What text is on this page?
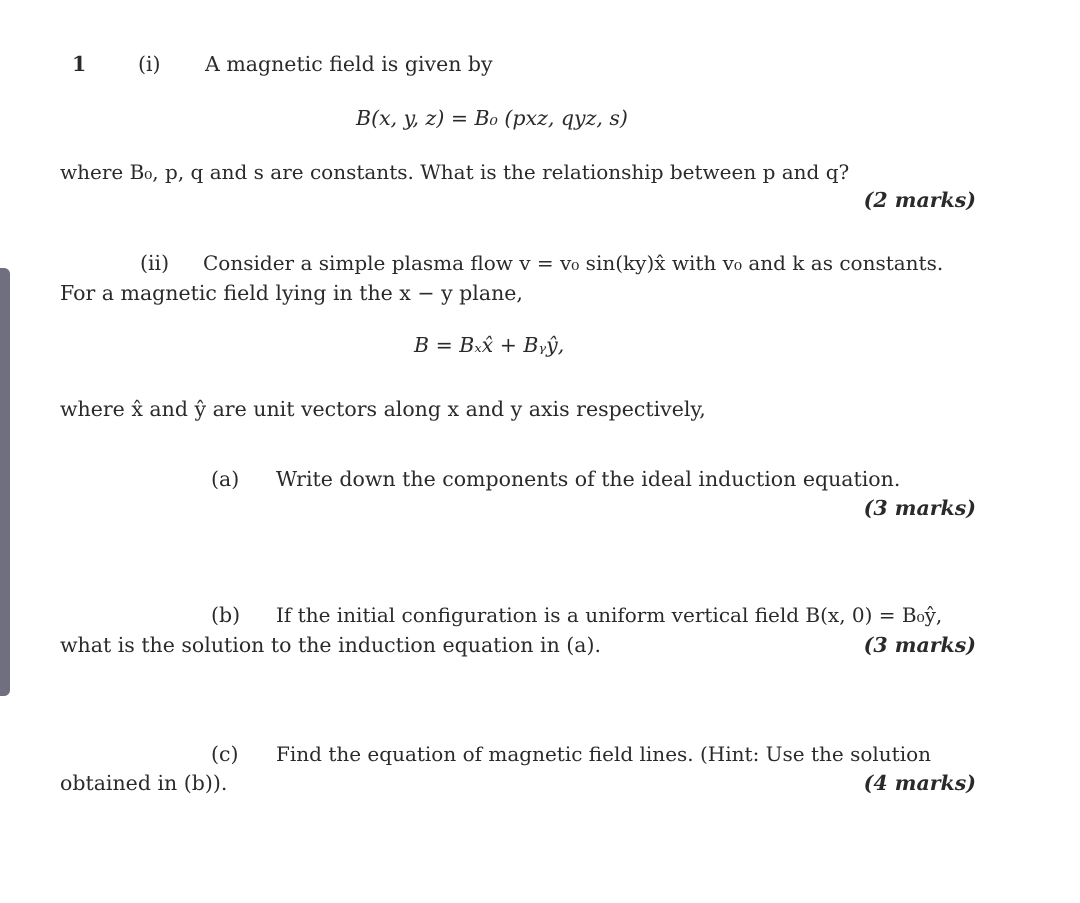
1	(i) A magnetic field is given by
B(x, y, z) = B₀ (pxz, qyz, s)
where B₀, p, q and s are constants. What is the relationship between p and q?
(2 marks)
(ii) Consider a simple plasma flow v = v₀ sin(ky)x̂ with v₀ and k as constants.
For a magnetic field lying in the x − y plane,
B = Bₓx̂ + Bᵧŷ,
where x̂ and ŷ are unit vectors along x and y axis respectively,
(a) Write down the components of the ideal induction equation.
(3 marks)
(b) If the initial configuration is a uniform vertical field B(x, 0) = B₀ŷ,
what is the solution to the induction equation in (a).	(3 marks)
(c) Find the equation of magnetic field lines. (Hint: Use the solution
obtained in (b)).	(4 marks)
